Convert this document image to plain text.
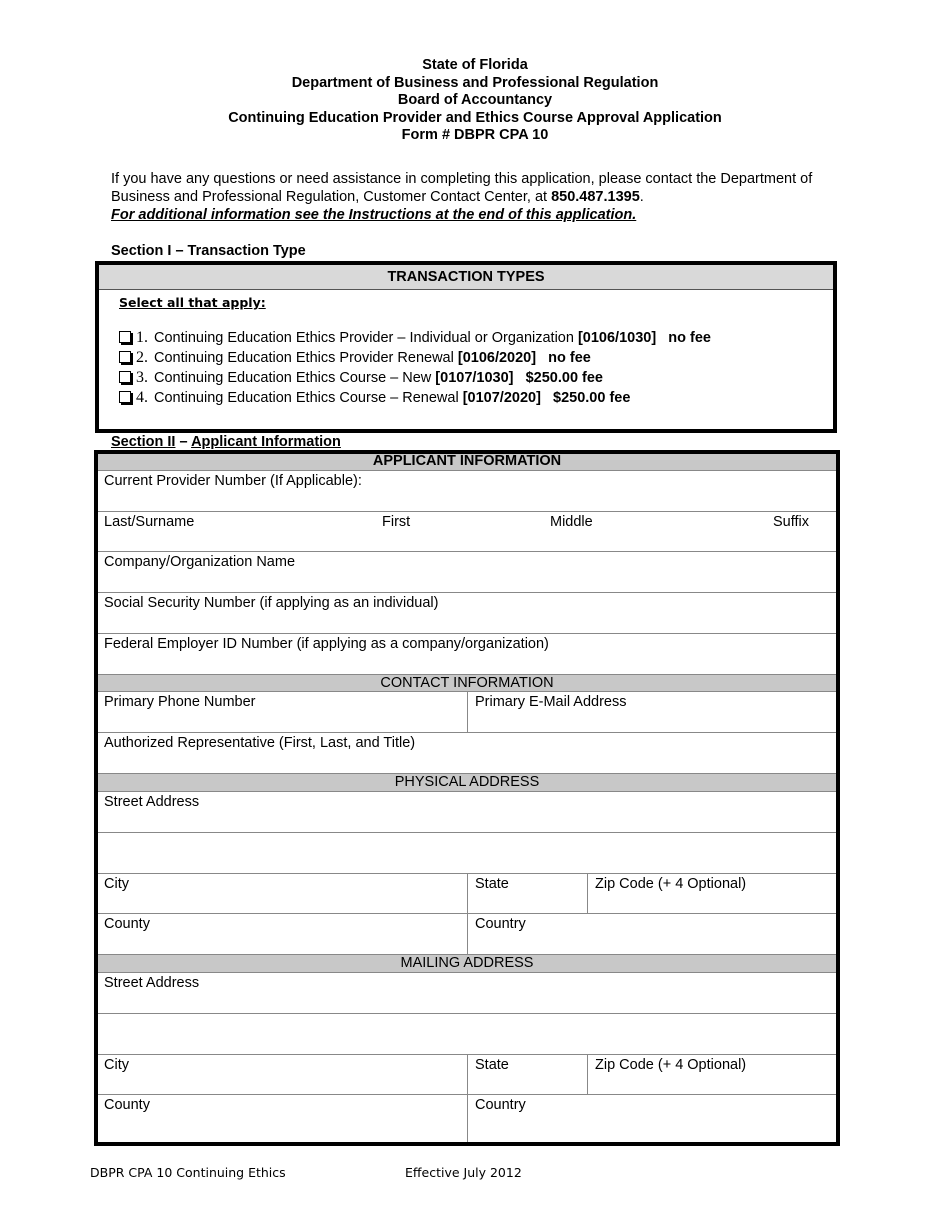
State of Florida
Department of Business and Professional Regulation
Board of Accountancy
Continuing Education Provider and Ethics Course Approval Application
Form # DBPR CPA 10
If you have any questions or need assistance in completing this application, please contact the Department of Business and Professional Regulation, Customer Contact Center, at 850.487.1395.
For additional information see the Instructions at the end of this application.
Section I – Transaction Type
TRANSACTION TYPES
Select all that apply:
1. Continuing Education Ethics Provider – Individual or Organization [0106/1030] no fee
2. Continuing Education Ethics Provider Renewal [0106/2020] no fee
3. Continuing Education Ethics Course – New [0107/1030] $250.00 fee
4. Continuing Education Ethics Course – Renewal [0107/2020] $250.00 fee
Section II – Applicant Information
APPLICANT INFORMATION
Current Provider Number (If Applicable):
Last/Surname	First	Middle	Suffix
Company/Organization Name
Social Security Number (if applying as an individual)
Federal Employer ID Number (if applying as a company/organization)
CONTACT INFORMATION
Primary Phone Number	Primary E-Mail Address
Authorized Representative (First, Last, and Title)
PHYSICAL ADDRESS
Street Address
City	State	Zip Code (+ 4 Optional)
County	Country
MAILING ADDRESS
Street Address
City	State	Zip Code (+ 4 Optional)
County	Country
DBPR CPA 10 Continuing Ethics	Effective July 2012
